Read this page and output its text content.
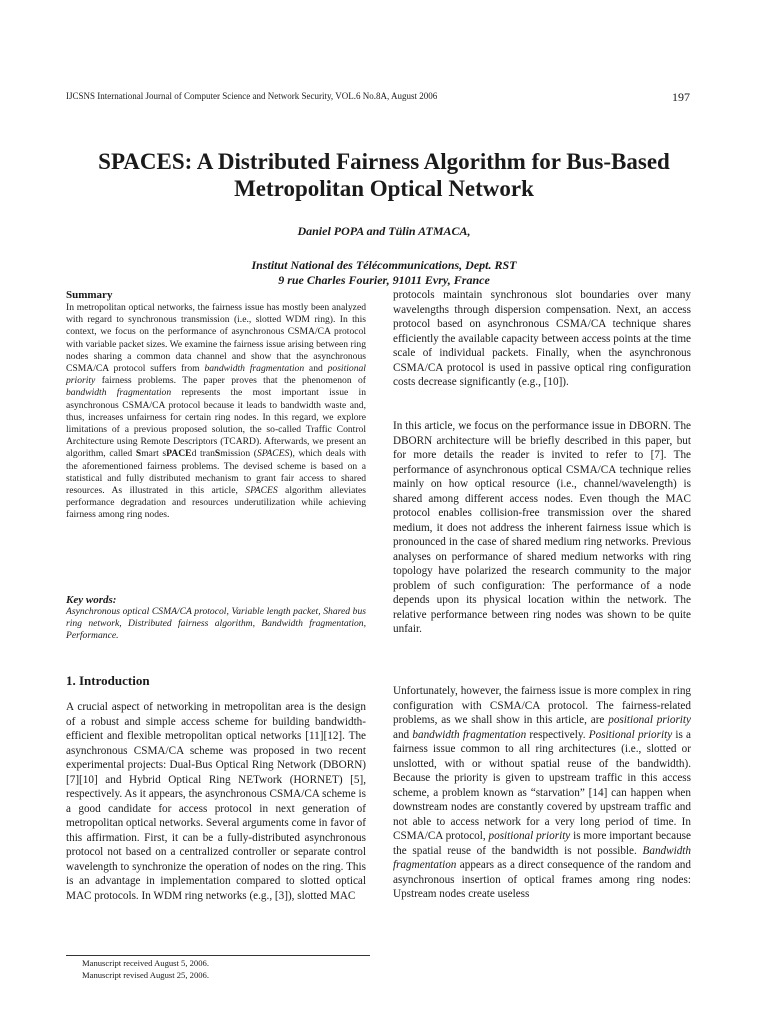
IJCSNS International Journal of Computer Science and Network Security, VOL.6 No.8A, August 2006	197
SPACES: A Distributed Fairness Algorithm for Bus-Based
Metropolitan Optical Network
Daniel POPA and Tülin ATMACA,
Institut National des Télécommunications, Dept. RST
9 rue Charles Fourier, 91011 Evry, France
Summary
In metropolitan optical networks, the fairness issue has mostly been analyzed with regard to synchronous transmission (i.e., slotted WDM ring). In this context, we focus on the performance of asynchronous CSMA/CA protocol with variable packet sizes. We examine the fairness issue arising between ring nodes sharing a common data channel and show that the asynchronous CSMA/CA protocol suffers from bandwidth fragmentation and positional priority fairness problems. The paper proves that the phenomenon of bandwidth fragmentation represents the most important issue in asynchronous CSMA/CA protocol because it leads to bandwidth waste and, thus, increases unfairness for certain ring nodes. In this regard, we explore limitations of a previous proposed solution, the so-called Traffic Control Architecture using Remote Descriptors (TCARD). Afterwards, we present an algorithm, called Smart sPACEd tranSmission (SPACES), which deals with the aforementioned fairness problems. The devised scheme is based on a statistical and fully distributed mechanism to grant fair access to shared resources. As illustrated in this article, SPACES algorithm alleviates performance degradation and resources underutilization while achieving fairness among ring nodes.
Key words:
Asynchronous optical CSMA/CA protocol, Variable length packet, Shared bus ring network, Distributed fairness algorithm, Bandwidth fragmentation, Performance.
1. Introduction
A crucial aspect of networking in metropolitan area is the design of a robust and simple access scheme for building bandwidth-efficient and flexible metropolitan optical networks [11][12]. The asynchronous CSMA/CA scheme was proposed in two recent experimental projects: Dual-Bus Optical Ring Network (DBORN) [7][10] and Hybrid Optical Ring NETwork (HORNET) [5], respectively. As it appears, the asynchronous CSMA/CA scheme is a good candidate for access protocol in next generation of metropolitan optical networks. Several arguments come in favor of this affirmation. First, it can be a fully-distributed asynchronous protocol not based on a centralized controller or separate control wavelength to synchronize the operation of nodes on the ring. This is an advantage in implementation compared to slotted optical MAC protocols. In WDM ring networks (e.g., [3]), slotted MAC
protocols maintain synchronous slot boundaries over many wavelengths through dispersion compensation. Next, an access protocol based on asynchronous CSMA/CA technique shares efficiently the available capacity between access points at the time scale of individual packets. Finally, when the asynchronous CSMA/CA protocol is used in passive optical ring configuration costs decrease significantly (e.g., [10]).
In this article, we focus on the performance issue in DBORN. The DBORN architecture will be briefly described in this paper, but for more details the reader is invited to refer to [7]. The performance of asynchronous optical CSMA/CA technique relies mainly on how optical resource (i.e., channel/wavelength) is shared among different access nodes. Even though the MAC protocol enables collision-free transmission over the shared medium, it does not address the inherent fairness issue which is pronounced in the case of shared medium ring networks. Previous analyses on performance of shared medium networks with ring topology have polarized the research community to the major problem of such configuration: The performance of a node depends upon its physical location within the network. The relative performance between ring nodes was shown to be quite unfair.
Unfortunately, however, the fairness issue is more complex in ring configuration with CSMA/CA protocol. The fairness-related problems, as we shall show in this article, are positional priority and bandwidth fragmentation respectively. Positional priority is a fairness issue common to all ring architectures (i.e., slotted or unslotted, with or without spatial reuse of the bandwidth). Because the priority is given to upstream traffic in this access scheme, a problem known as “starvation” [14] can happen when downstream nodes are constantly covered by upstream traffic and not able to access network for a very long period of time. In CSMA/CA protocol, positional priority is more important because the spatial reuse of the bandwidth is not possible. Bandwidth fragmentation appears as a direct consequence of the random and asynchronous insertion of optical frames among ring nodes: Upstream nodes create useless
Manuscript received August 5, 2006.
Manuscript revised August 25, 2006.
